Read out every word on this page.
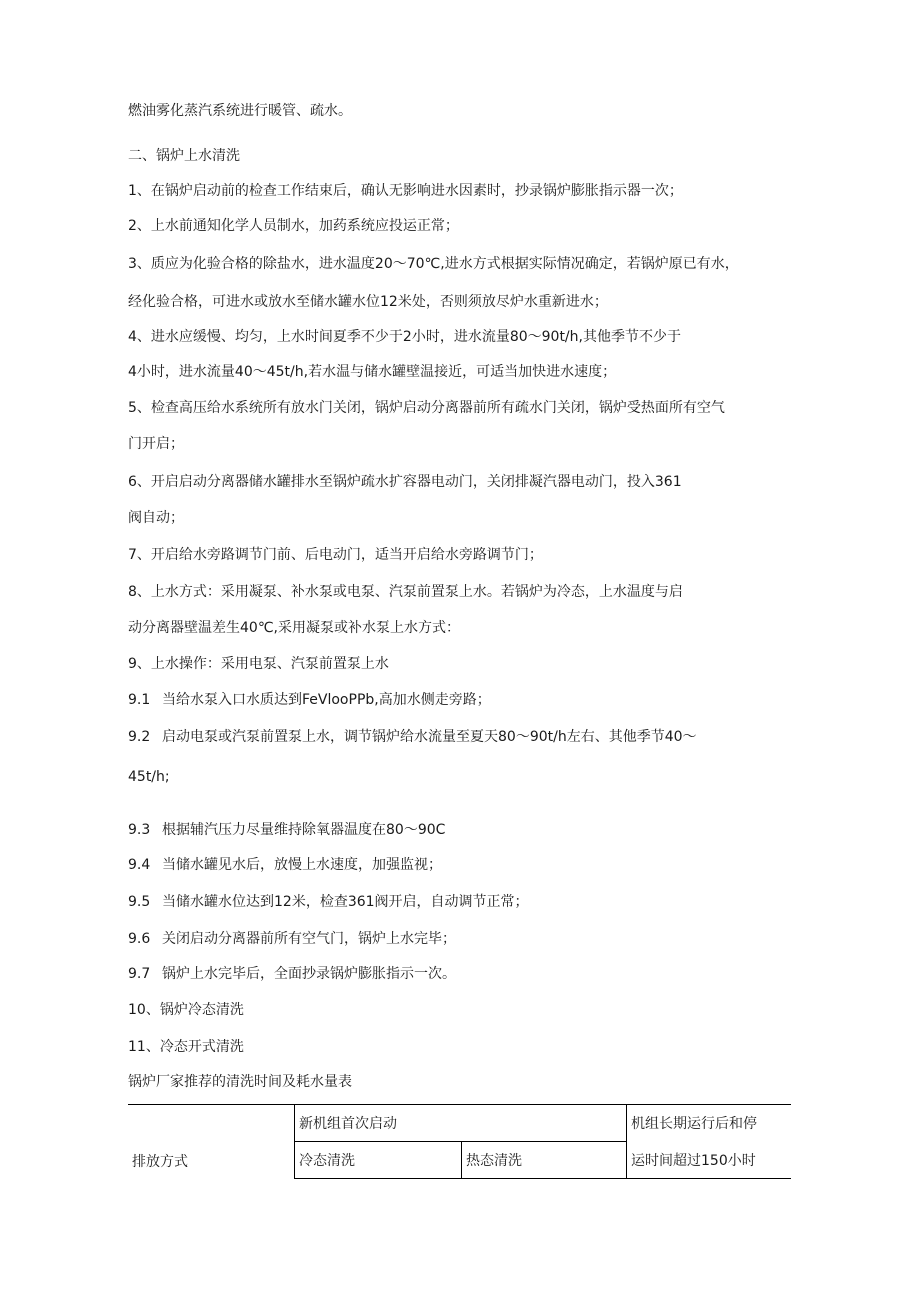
燃油雾化蒸汽系统进行暖管、疏水。
二、锅炉上水清洗
1、在锅炉启动前的检查工作结束后，确认无影响进水因素时，抄录锅炉膨胀指示器一次；
2、上水前通知化学人员制水，加药系统应投运正常；
3、质应为化验合格的除盐水，进水温度20～70℃,进水方式根据实际情况确定，若锅炉原已有水，
经化验合格，可进水或放水至储水罐水位12米处，否则须放尽炉水重新进水；
4、进水应缓慢、均匀，上水时间夏季不少于2小时，进水流量80～90t/h,其他季节不少于
4小时，进水流量40～45t/h,若水温与储水罐壁温接近，可适当加快进水速度；
5、检查高压给水系统所有放水门关闭，锅炉启动分离器前所有疏水门关闭，锅炉受热面所有空气
门开启；
6、开启启动分离器储水罐排水至锅炉疏水扩容器电动门，关闭排凝汽器电动门，投入361
阀自动；
7、开启给水旁路调节门前、后电动门，适当开启给水旁路调节门；
8、上水方式：采用凝泵、补水泵或电泵、汽泵前置泵上水。若锅炉为冷态，上水温度与启
动分离器壁温差生40℃,采用凝泵或补水泵上水方式：
9、上水操作：采用电泵、汽泵前置泵上水
9.1 当给水泵入口水质达到FeVlooPPb,高加水侧走旁路；
9.2 启动电泵或汽泵前置泵上水，调节锅炉给水流量至夏天80～90t/h左右、其他季节40～
45t/h;
9.3 根据辅汽压力尽量维持除氧器温度在80～90C
9.4 当储水罐见水后，放慢上水速度，加强监视；
9.5 当储水罐水位达到12米，检查361阀开启，自动调节正常；
9.6 关闭启动分离器前所有空气门，锅炉上水完毕；
9.7 锅炉上水完毕后，全面抄录锅炉膨胀指示一次。
10、锅炉冷态清洗
11、冷态开式清洗
锅炉厂家推荐的清洗时间及耗水量表
排放方式	新机组首次启动		机组长期运行后和停
	冷态清洗	热态清洗	运时间超过150小时
